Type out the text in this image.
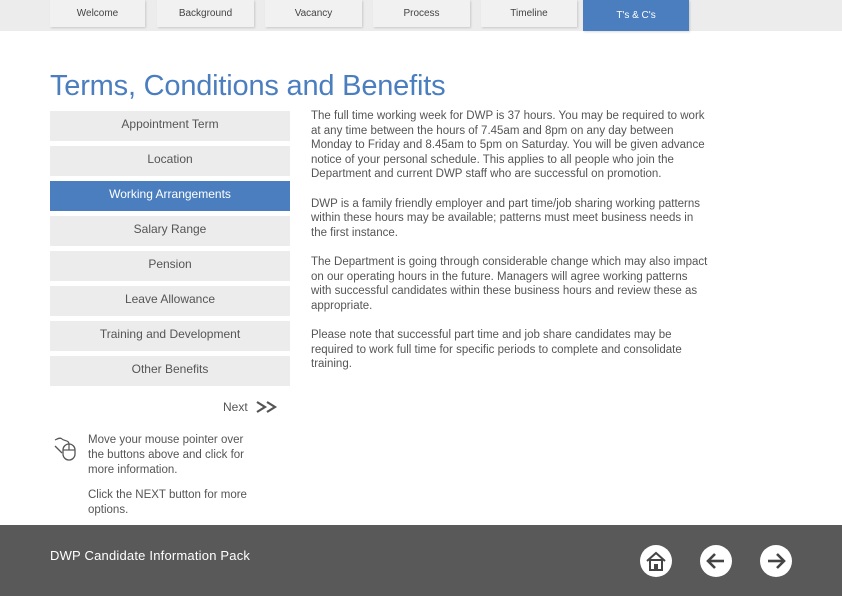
Welcome	Background	Vacancy	Process	Timeline	T's & C's
Terms, Conditions and Benefits
Appointment Term
Location
Working Arrangements
Salary Range
Pension
Leave Allowance
Training and Development
Other Benefits
Next
Move your mouse pointer over the buttons above and click for more information.
Click the NEXT button for more options.

The full time working week for DWP is 37 hours. You may be required to work at any time between the hours of 7.45am and 8pm on any day between Monday to Friday and 8.45am to 5pm on Saturday. You will be given advance notice of your personal schedule. This applies to all people who join the Department and current DWP staff who are successful on promotion.

DWP is a family friendly employer and part time/job sharing working patterns within these hours may be available; patterns must meet business needs in the first instance.

The Department is going through considerable change which may also impact on our operating hours in the future. Managers will agree working patterns with successful candidates within these business hours and review these as appropriate.

Please note that successful part time and job share candidates may be required to work full time for specific periods to complete and consolidate training.

DWP Candidate Information Pack
